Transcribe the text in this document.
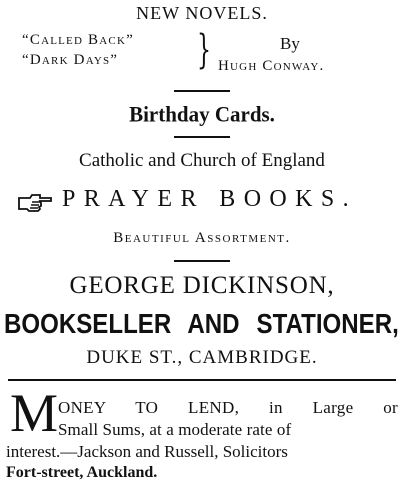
NEW NOVELS.
“Called Back”
“Dark Days” }	By
Hugh Conway.
Birthday Cards.
Catholic and Church of England
PRAYER BOOKS.
Beautiful Assortment.
GEORGE DICKINSON,
BOOKSELLER AND STATIONER,
DUKE ST., CAMBRIDGE.
M ONEY TO LEND, in Large or
Small Sums, at a moderate rate of
interest.—Jackson and Russell, Solicitors
Fort-street, Auckland.
